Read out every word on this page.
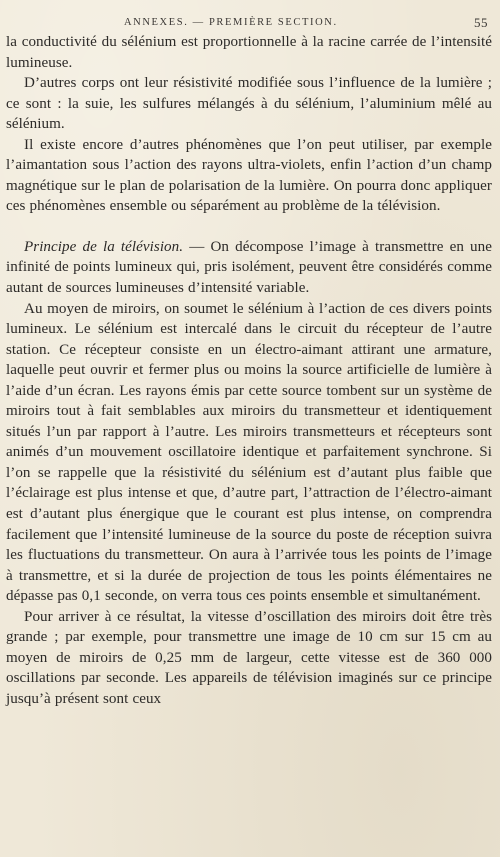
ANNEXES. — PREMIÈRE SECTION.	55

la conductivité du sélénium est proportionnelle à la racine carrée de l’intensité lumineuse.

D’autres corps ont leur résistivité modifiée sous l’influence de la lumière ; ce sont : la suie, les sulfures mélangés à du sélénium, l’aluminium mêlé au sélénium.

Il existe encore d’autres phénomènes que l’on peut utiliser, par exemple l’aimantation sous l’action des rayons ultra-violets, enfin l’action d’un champ magnétique sur le plan de polarisation de la lumière. On pourra donc appliquer ces phénomènes ensemble ou séparément au problème de la télévision.

Principe de la télévision. — On décompose l’image à transmettre en une infinité de points lumineux qui, pris isolément, peuvent être considérés comme autant de sources lumineuses d’intensité variable.

Au moyen de miroirs, on soumet le sélénium à l’action de ces divers points lumineux. Le sélénium est intercalé dans le circuit du récepteur de l’autre station. Ce récepteur consiste en un électro-aimant attirant une armature, laquelle peut ouvrir et fermer plus ou moins la source artificielle de lumière à l’aide d’un écran. Les rayons émis par cette source tombent sur un système de miroirs tout à fait semblables aux miroirs du transmetteur et identiquement situés l’un par rapport à l’autre. Les miroirs transmetteurs et récepteurs sont animés d’un mouvement oscillatoire identique et parfaitement synchrone. Si l’on se rappelle que la résistivité du sélénium est d’autant plus faible que l’éclairage est plus intense et que, d’autre part, l’attraction de l’électro-aimant est d’autant plus énergique que le courant est plus intense, on comprendra facilement que l’intensité lumineuse de la source du poste de réception suivra les fluctuations du transmetteur. On aura à l’arrivée tous les points de l’image à transmettre, et si la durée de projection de tous les points élémentaires ne dépasse pas 0,1 seconde, on verra tous ces points ensemble et simultanément.

Pour arriver à ce résultat, la vitesse d’oscillation des miroirs doit être très grande ; par exemple, pour transmettre une image de 10 cm sur 15 cm au moyen de miroirs de 0,25 mm de largeur, cette vitesse est de 360 000 oscillations par seconde. Les appareils de télévision imaginés sur ce principe jusqu’à présent sont ceux
